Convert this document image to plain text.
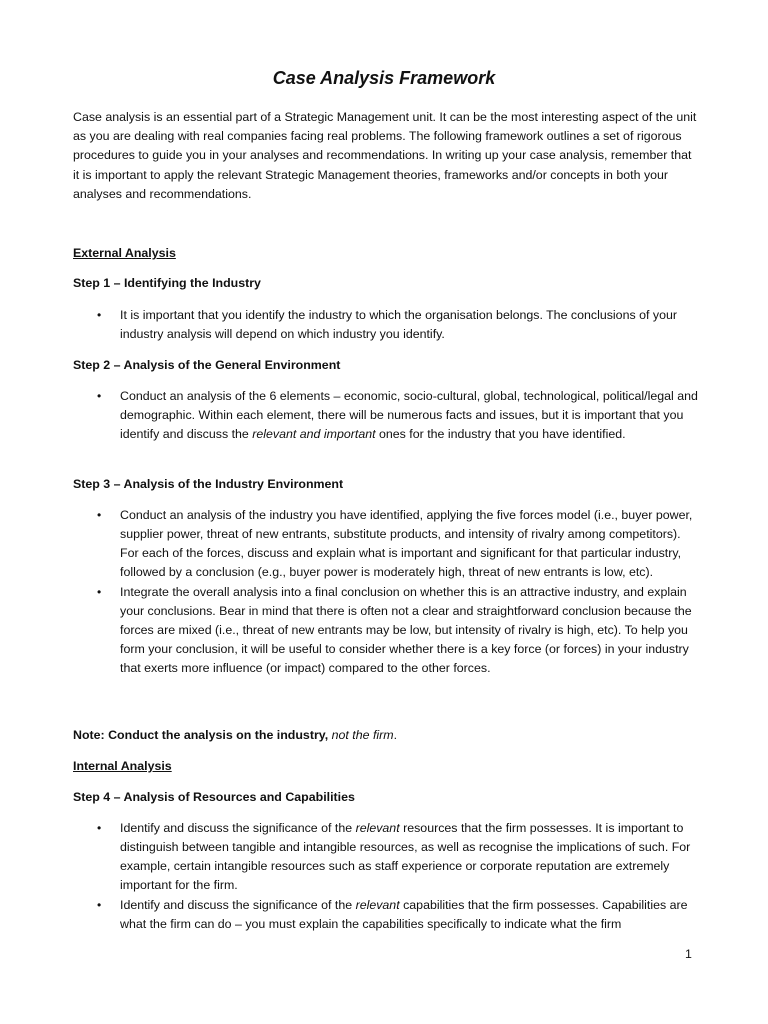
Case Analysis Framework

Case analysis is an essential part of a Strategic Management unit. It can be the most interesting aspect of the unit as you are dealing with real companies facing real problems. The following framework outlines a set of rigorous procedures to guide you in your analyses and recommendations. In writing up your case analysis, remember that it is important to apply the relevant Strategic Management theories, frameworks and/or concepts in both your analyses and recommendations.

External Analysis

Step 1 – Identifying the Industry

• It is important that you identify the industry to which the organisation belongs. The conclusions of your industry analysis will depend on which industry you identify.

Step 2 – Analysis of the General Environment

• Conduct an analysis of the 6 elements – economic, socio-cultural, global, technological, political/legal and demographic. Within each element, there will be numerous facts and issues, but it is important that you identify and discuss the relevant and important ones for the industry that you have identified.

Step 3 – Analysis of the Industry Environment

• Conduct an analysis of the industry you have identified, applying the five forces model (i.e., buyer power, supplier power, threat of new entrants, substitute products, and intensity of rivalry among competitors). For each of the forces, discuss and explain what is important and significant for that particular industry, followed by a conclusion (e.g., buyer power is moderately high, threat of new entrants is low, etc).
• Integrate the overall analysis into a final conclusion on whether this is an attractive industry, and explain your conclusions. Bear in mind that there is often not a clear and straightforward conclusion because the forces are mixed (i.e., threat of new entrants may be low, but intensity of rivalry is high, etc). To help you form your conclusion, it will be useful to consider whether there is a key force (or forces) in your industry that exerts more influence (or impact) compared to the other forces.

Note: Conduct the analysis on the industry, not the firm.

Internal Analysis

Step 4 – Analysis of Resources and Capabilities

• Identify and discuss the significance of the relevant resources that the firm possesses. It is important to distinguish between tangible and intangible resources, as well as recognise the implications of such. For example, certain intangible resources such as staff experience or corporate reputation are extremely important for the firm.
• Identify and discuss the significance of the relevant capabilities that the firm possesses. Capabilities are what the firm can do – you must explain the capabilities specifically to indicate what the firm

1
